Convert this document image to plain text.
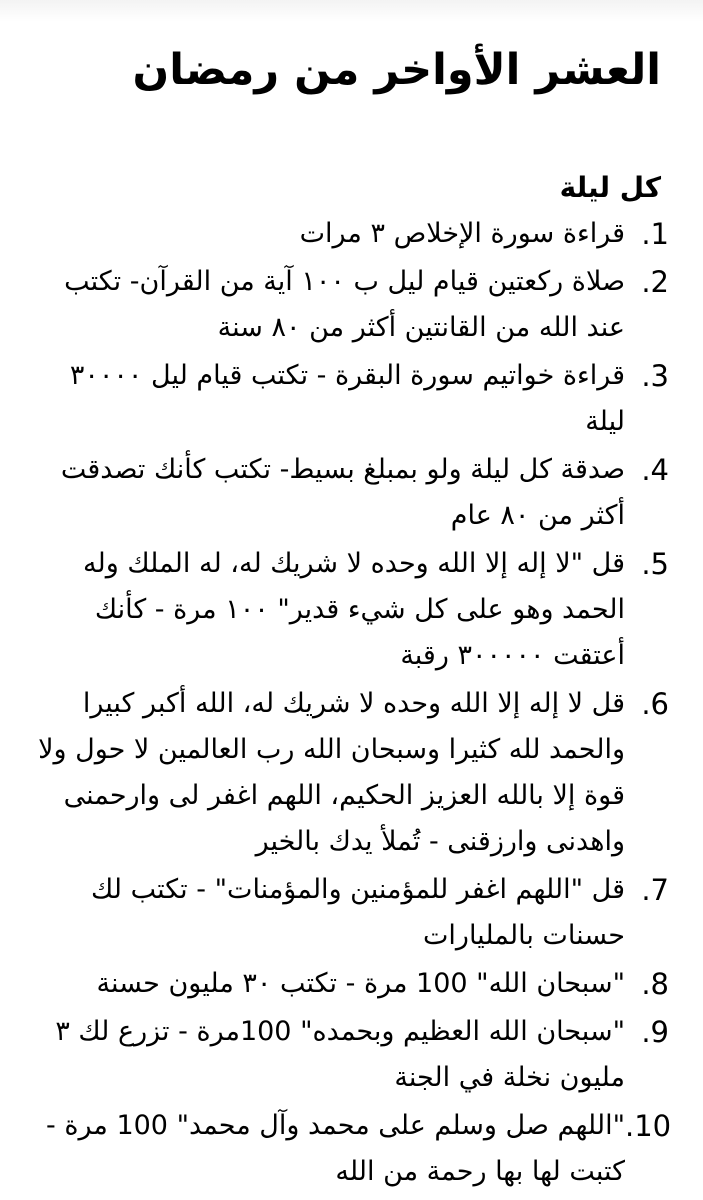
العشر الأواخر من رمضان
كل ليلة
.1
قراءة سورة الإخلاص ٣ مرات
.2
صلاة ركعتين قيام ليل ب ١٠٠ آية من القرآن- تكتب عند الله من القانتين أكثر من ٨٠ سنة
.3
قراءة خواتيم سورة البقرة - تكتب قيام ليل ٣٠٠٠٠ ليلة
.4
صدقة كل ليلة ولو بمبلغ بسيط- تكتب كأنك تصدقت أكثر من ٨٠ عام
.5
قل "لا إله إلا الله وحده لا شريك له، له الملك وله الحمد وهو على كل شيء قدير" ١٠٠ مرة - كأنك أعتقت ٣٠٠٠٠٠ رقبة
.6
قل لا إله إلا الله وحده لا شريك له، الله أكبر كبيرا والحمد لله كثيرا وسبحان الله رب العالمين لا حول ولا قوة إلا بالله العزيز الحكيم، اللهم اغفر لى وارحمنى واهدنى وارزقنى - تُملأ يدك بالخير
.7
قل "اللهم اغفر للمؤمنين والمؤمنات" - تكتب لك حسنات بالمليارات
.8
"سبحان الله" 100 مرة - تكتب ٣٠ مليون حسنة
.9
"سبحان الله العظيم وبحمده" 100مرة - تزرع لك ٣ مليون نخلة في الجنة
.10
"اللهم صل وسلم على محمد وآل محمد" 100 مرة - كتبت لها بها رحمة من الله
